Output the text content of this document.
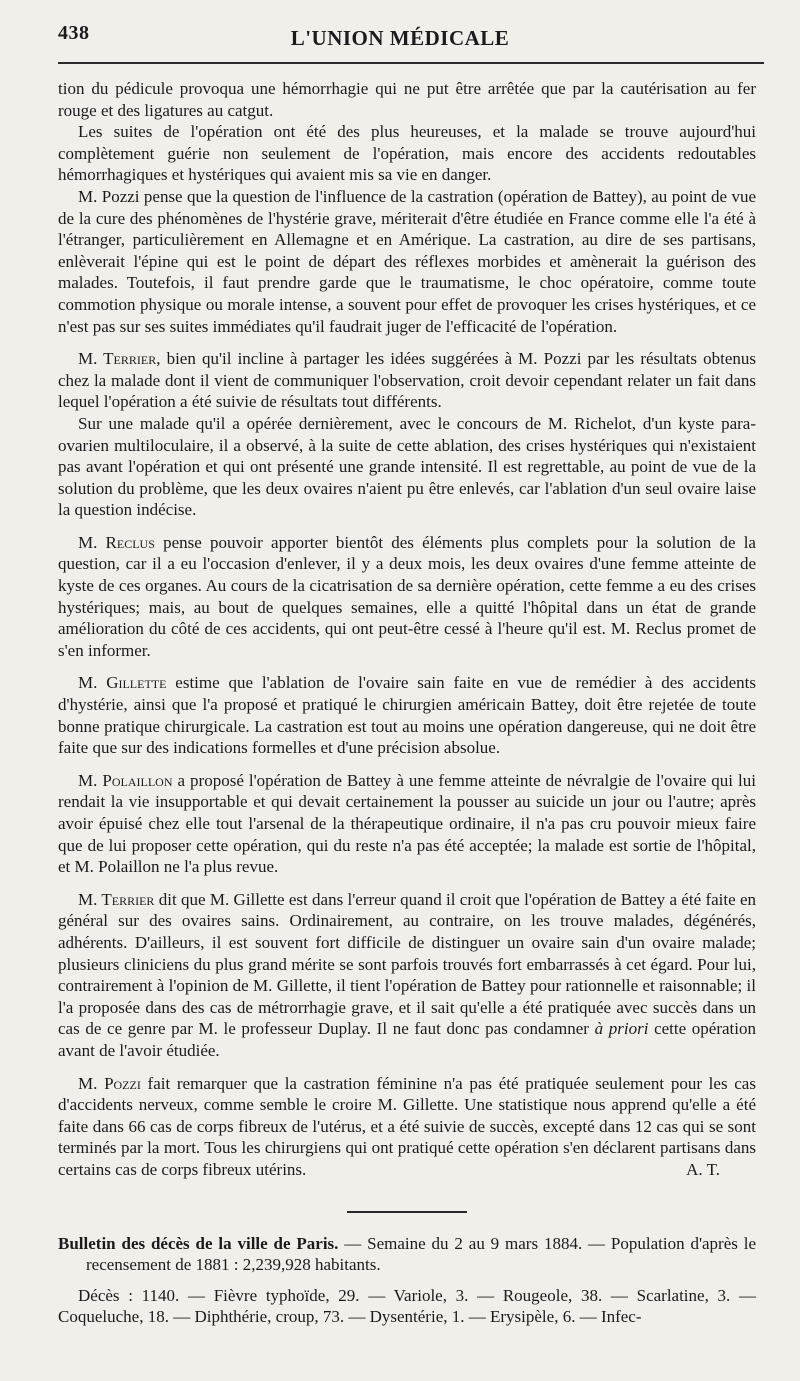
438	L'UNION MÉDICALE

tion du pédicule provoqua une hémorrhagie qui ne put être arrêtée que par la cautérisation au fer rouge et des ligatures au catgut.

Les suites de l'opération ont été des plus heureuses, et la malade se trouve aujourd'hui complètement guérie non seulement de l'opération, mais encore des accidents redoutables hémorrhagiques et hystériques qui avaient mis sa vie en danger.

M. Pozzi pense que la question de l'influence de la castration (opération de Battey), au point de vue de la cure des phénomènes de l'hystérie grave, mériterait d'être étudiée en France comme elle l'a été à l'étranger, particulièrement en Allemagne et en Amérique. La castration, au dire de ses partisans, enlèverait l'épine qui est le point de départ des réflexes morbides et amènerait la guérison des malades. Toutefois, il faut prendre garde que le traumatisme, le choc opératoire, comme toute commotion physique ou morale intense, a souvent pour effet de provoquer les crises hystériques, et ce n'est pas sur ses suites immédiates qu'il faudrait juger de l'efficacité de l'opération.

M. Terrier, bien qu'il incline à partager les idées suggérées à M. Pozzi par les résultats obtenus chez la malade dont il vient de communiquer l'observation, croit devoir cependant relater un fait dans lequel l'opération a été suivie de résultats tout différents.

Sur une malade qu'il a opérée dernièrement, avec le concours de M. Richelot, d'un kyste para-ovarien multiloculaire, il a observé, à la suite de cette ablation, des crises hystériques qui n'existaient pas avant l'opération et qui ont présenté une grande intensité. Il est regrettable, au point de vue de la solution du problème, que les deux ovaires n'aient pu être enlevés, car l'ablation d'un seul ovaire laise la question indécise.

M. Reclus pense pouvoir apporter bientôt des éléments plus complets pour la solution de la question, car il a eu l'occasion d'enlever, il y a deux mois, les deux ovaires d'une femme atteinte de kyste de ces organes. Au cours de la cicatrisation de sa dernière opération, cette femme a eu des crises hystériques; mais, au bout de quelques semaines, elle a quitté l'hôpital dans un état de grande amélioration du côté de ces accidents, qui ont peut-être cessé à l'heure qu'il est. M. Reclus promet de s'en informer.

M. Gillette estime que l'ablation de l'ovaire sain faite en vue de remédier à des accidents d'hystérie, ainsi que l'a proposé et pratiqué le chirurgien américain Battey, doit être rejetée de toute bonne pratique chirurgicale. La castration est tout au moins une opération dangereuse, qui ne doit être faite que sur des indications formelles et d'une précision absolue.

M. Polaillon a proposé l'opération de Battey à une femme atteinte de névralgie de l'ovaire qui lui rendait la vie insupportable et qui devait certainement la pousser au suicide un jour ou l'autre; après avoir épuisé chez elle tout l'arsenal de la thérapeutique ordinaire, il n'a pas cru pouvoir mieux faire que de lui proposer cette opération, qui du reste n'a pas été acceptée; la malade est sortie de l'hôpital, et M. Polaillon ne l'a plus revue.

M. Terrier dit que M. Gillette est dans l'erreur quand il croit que l'opération de Battey a été faite en général sur des ovaires sains. Ordinairement, au contraire, on les trouve malades, dégénérés, adhérents. D'ailleurs, il est souvent fort difficile de distinguer un ovaire sain d'un ovaire malade; plusieurs cliniciens du plus grand mérite se sont parfois trouvés fort embarrassés à cet égard. Pour lui, contrairement à l'opinion de M. Gillette, il tient l'opération de Battey pour rationnelle et raisonnable; il l'a proposée dans des cas de métrorrhagie grave, et il sait qu'elle a été pratiquée avec succès dans un cas de ce genre par M. le professeur Duplay. Il ne faut donc pas condamner à priori cette opération avant de l'avoir étudiée.

M. Pozzi fait remarquer que la castration féminine n'a pas été pratiquée seulement pour les cas d'accidents nerveux, comme semble le croire M. Gillette. Une statistique nous apprend qu'elle a été faite dans 66 cas de corps fibreux de l'utérus, et a été suivie de succès, excepté dans 12 cas qui se sont terminés par la mort. Tous les chirurgiens qui ont pratiqué cette opération s'en déclarent partisans dans certains cas de corps fibreux utérins.	A. T.

Bulletin des décès de la ville de Paris. — Semaine du 2 au 9 mars 1884. — Population d'après le recensement de 1881 : 2,239,928 habitants.

Décès : 1140. — Fièvre typhoïde, 29. — Variole, 3. — Rougeole, 38. — Scarlatine, 3. — Coqueluche, 18. — Diphthérie, croup, 73. — Dysentérie, 1. — Erysipèle, 6. — Infec-
